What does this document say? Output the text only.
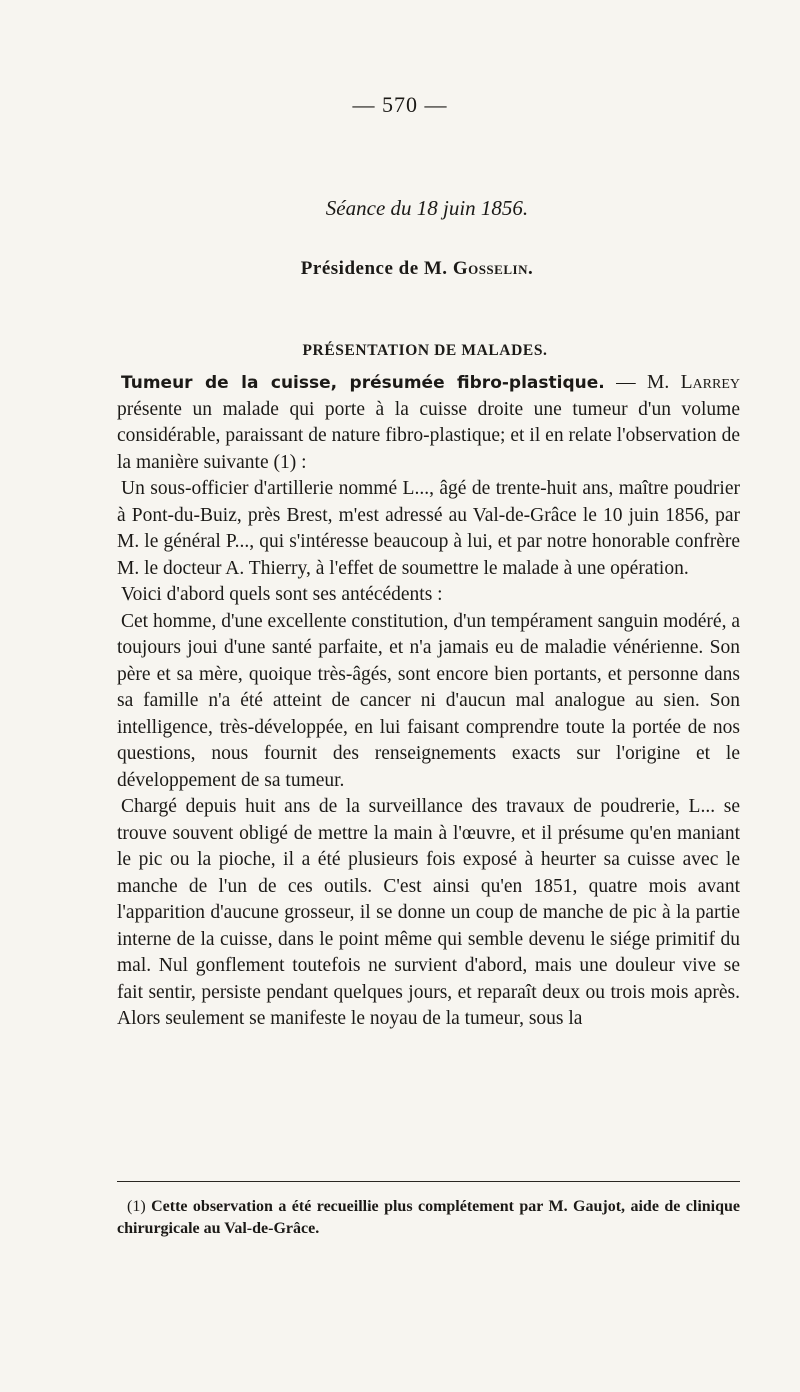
— 570 —
Séance du 18 juin 1856.
Présidence de M. Gosselin.
PRÉSENTATION DE MALADES.

Tumeur de la cuisse, présumée fibro-plastique. — M. Larrey présente un malade qui porte à la cuisse droite une tumeur d'un volume considérable, paraissant de nature fibro-plastique; et il en relate l'observation de la manière suivante (1) :

Un sous-officier d'artillerie nommé L..., âgé de trente-huit ans, maître poudrier à Pont-du-Buiz, près Brest, m'est adressé au Val-de-Grâce le 10 juin 1856, par M. le général P..., qui s'intéresse beaucoup à lui, et par notre honorable confrère M. le docteur A. Thierry, à l'effet de soumettre le malade à une opération.

Voici d'abord quels sont ses antécédents :

Cet homme, d'une excellente constitution, d'un tempérament sanguin modéré, a toujours joui d'une santé parfaite, et n'a jamais eu de maladie vénérienne. Son père et sa mère, quoique très-âgés, sont encore bien portants, et personne dans sa famille n'a été atteint de cancer ni d'aucun mal analogue au sien. Son intelligence, très-développée, en lui faisant comprendre toute la portée de nos questions, nous fournit des renseignements exacts sur l'origine et le développement de sa tumeur.

Chargé depuis huit ans de la surveillance des travaux de poudrerie, L... se trouve souvent obligé de mettre la main à l'œuvre, et il présume qu'en maniant le pic ou la pioche, il a été plusieurs fois exposé à heurter sa cuisse avec le manche de l'un de ces outils. C'est ainsi qu'en 1851, quatre mois avant l'apparition d'aucune grosseur, il se donne un coup de manche de pic à la partie interne de la cuisse, dans le point même qui semble devenu le siége primitif du mal. Nul gonflement toutefois ne survient d'abord, mais une douleur vive se fait sentir, persiste pendant quelques jours, et reparaît deux ou trois mois après. Alors seulement se manifeste le noyau de la tumeur, sous la

(1) Cette observation a été recueillie plus complétement par M. Gaujot, aide de clinique chirurgicale au Val-de-Grâce.
